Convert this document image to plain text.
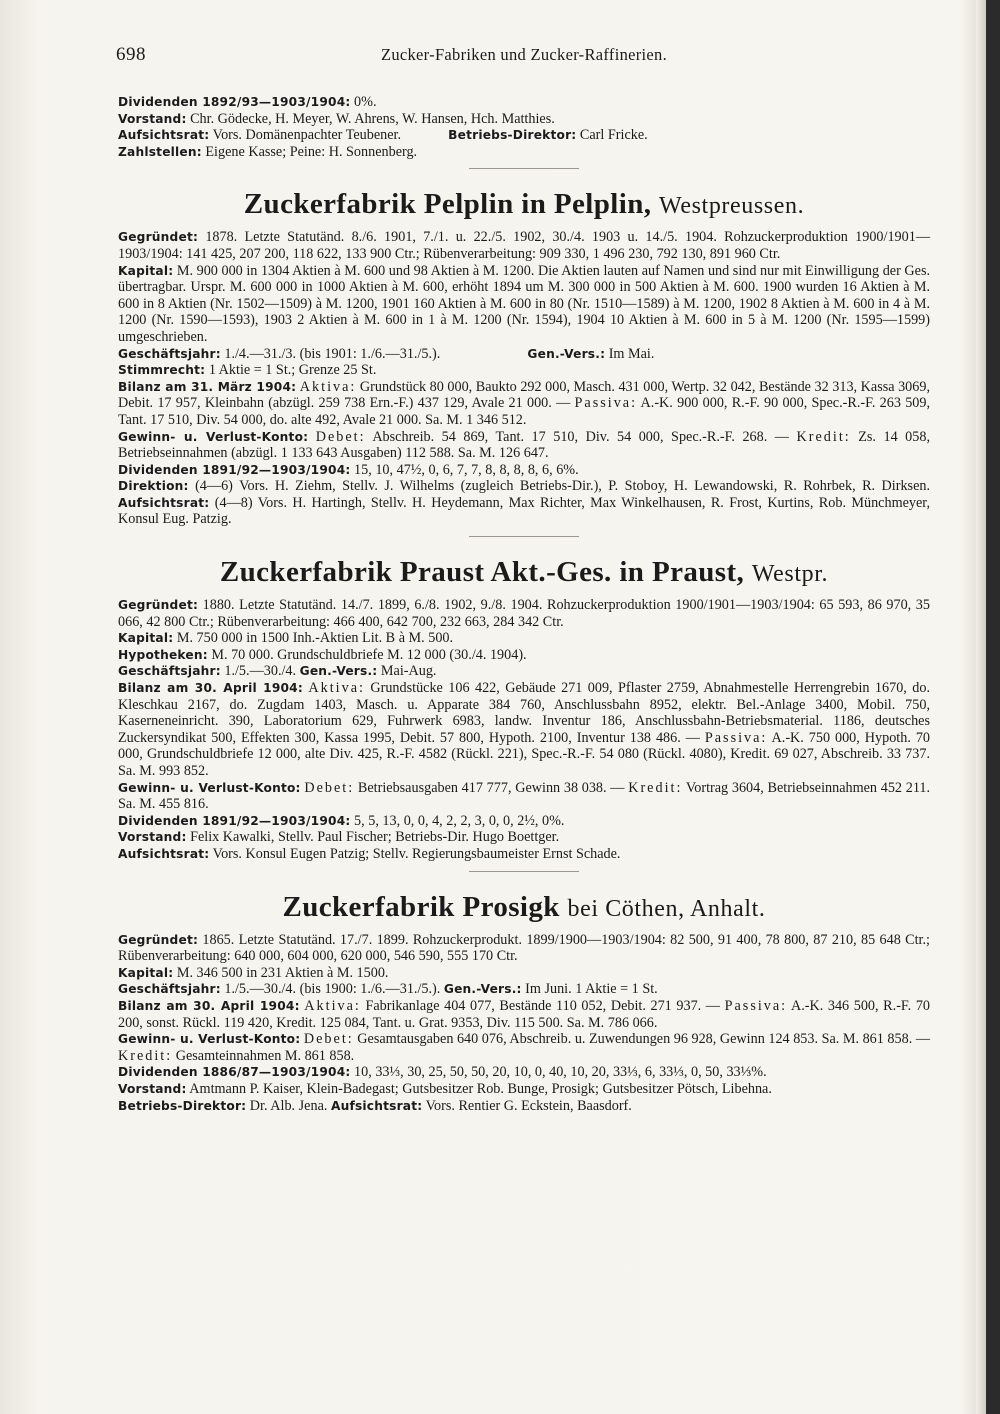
698	Zucker-Fabriken und Zucker-Raffinerien.

Dividenden 1892/93—1903/1904: 0%.

Vorstand: Chr. Gödecke, H. Meyer, W. Ahrens, W. Hansen, Hch. Matthies.

Aufsichtsrat: Vors. Domänenpachter Teubener.	Betriebs-Direktor: Carl Fricke.

Zahlstellen: Eigene Kasse; Peine: H. Sonnenberg.

Zuckerfabrik Pelplin in Pelplin, Westpreussen.

Gegründet: 1878. Letzte Statutänd. 8./6. 1901, 7./1. u. 22./5. 1902, 30./4. 1903 u. 14./5. 1904. Rohzuckerproduktion 1900/1901—1903/1904: 141 425, 207 200, 118 622, 133 900 Ctr.; Rübenverarbeitung: 909 330, 1 496 230, 792 130, 891 960 Ctr.

Kapital: M. 900 000 in 1304 Aktien à M. 600 und 98 Aktien à M. 1200. Die Aktien lauten auf Namen und sind nur mit Einwilligung der Ges. übertragbar. Urspr. M. 600 000 in 1000 Aktien à M. 600, erhöht 1894 um M. 300 000 in 500 Aktien à M. 600. 1900 wurden 16 Aktien à M. 600 in 8 Aktien (Nr. 1502—1509) à M. 1200, 1901 160 Aktien à M. 600 in 80 (Nr. 1510—1589) à M. 1200, 1902 8 Aktien à M. 600 in 4 à M. 1200 (Nr. 1590—1593), 1903 2 Aktien à M. 600 in 1 à M. 1200 (Nr. 1594), 1904 10 Aktien à M. 600 in 5 à M. 1200 (Nr. 1595—1599) umgeschrieben.

Geschäftsjahr: 1./4.—31./3. (bis 1901: 1./6.—31./5.).	Gen.-Vers.: Im Mai.

Stimmrecht: 1 Aktie = 1 St.; Grenze 25 St.

Bilanz am 31. März 1904: Aktiva: Grundstück 80 000, Baukto 292 000, Masch. 431 000, Wertp. 32 042, Bestände 32 313, Kassa 3069, Debit. 17 957, Kleinbahn (abzügl. 259 738 Ern.-F.) 437 129, Avale 21 000. — Passiva: A.-K. 900 000, R.-F. 90 000, Spec.-R.-F. 263 509, Tant. 17 510, Div. 54 000, do. alte 492, Avale 21 000. Sa. M. 1 346 512.

Gewinn- u. Verlust-Konto: Debet: Abschreib. 54 869, Tant. 17 510, Div. 54 000, Spec.-R.-F. 268. — Kredit: Zs. 14 058, Betriebseinnahmen (abzügl. 1 133 643 Ausgaben) 112 588. Sa. M. 126 647.

Dividenden 1891/92—1903/1904: 15, 10, 47½, 0, 6, 7, 7, 8, 8, 8, 8, 6, 6%.

Direktion: (4—6) Vors. H. Ziehm, Stellv. J. Wilhelms (zugleich Betriebs-Dir.), P. Stoboy, H. Lewandowski, R. Rohrbek, R. Dirksen. Aufsichtsrat: (4—8) Vors. H. Hartingh, Stellv. H. Heydemann, Max Richter, Max Winkelhausen, R. Frost, Kurtins, Rob. Münchmeyer, Konsul Eug. Patzig.

Zuckerfabrik Praust Akt.-Ges. in Praust, Westpr.

Gegründet: 1880. Letzte Statutänd. 14./7. 1899, 6./8. 1902, 9./8. 1904. Rohzuckerproduktion 1900/1901—1903/1904: 65 593, 86 970, 35 066, 42 800 Ctr.; Rübenverarbeitung: 466 400, 642 700, 232 663, 284 342 Ctr.

Kapital: M. 750 000 in 1500 Inh.-Aktien Lit. B à M. 500.

Hypotheken: M. 70 000. Grundschuldbriefe M. 12 000 (30./4. 1904).

Geschäftsjahr: 1./5.—30./4. Gen.-Vers.: Mai-Aug.

Bilanz am 30. April 1904: Aktiva: Grundstücke 106 422, Gebäude 271 009, Pflaster 2759, Abnahmestelle Herrengrebin 1670, do. Kleschkau 2167, do. Zugdam 1403, Masch. u. Apparate 384 760, Anschlussbahn 8952, elektr. Bel.-Anlage 3400, Mobil. 750, Kaserneneinricht. 390, Laboratorium 629, Fuhrwerk 6983, landw. Inventur 186, Anschlussbahn-Betriebsmaterial. 1186, deutsches Zuckersyndikat 500, Effekten 300, Kassa 1995, Debit. 57 800, Hypoth. 2100, Inventur 138 486. — Passiva: A.-K. 750 000, Hypoth. 70 000, Grundschuldbriefe 12 000, alte Div. 425, R.-F. 4582 (Rückl. 221), Spec.-R.-F. 54 080 (Rückl. 4080), Kredit. 69 027, Abschreib. 33 737. Sa. M. 993 852.

Gewinn- u. Verlust-Konto: Debet: Betriebsausgaben 417 777, Gewinn 38 038. — Kredit: Vortrag 3604, Betriebseinnahmen 452 211. Sa. M. 455 816.

Dividenden 1891/92—1903/1904: 5, 5, 13, 0, 0, 4, 2, 2, 3, 0, 0, 2½, 0%.

Vorstand: Felix Kawalki, Stellv. Paul Fischer; Betriebs-Dir. Hugo Boettger.

Aufsichtsrat: Vors. Konsul Eugen Patzig; Stellv. Regierungsbaumeister Ernst Schade.

Zuckerfabrik Prosigk bei Cöthen, Anhalt.

Gegründet: 1865. Letzte Statutänd. 17./7. 1899. Rohzuckerprodukt. 1899/1900—1903/1904: 82 500, 91 400, 78 800, 87 210, 85 648 Ctr.; Rübenverarbeitung: 640 000, 604 000, 620 000, 546 590, 555 170 Ctr.

Kapital: M. 346 500 in 231 Aktien à M. 1500.

Geschäftsjahr: 1./5.—30./4. (bis 1900: 1./6.—31./5.). Gen.-Vers.: Im Juni. 1 Aktie = 1 St.

Bilanz am 30. April 1904: Aktiva: Fabrikanlage 404 077, Bestände 110 052, Debit. 271 937. — Passiva: A.-K. 346 500, R.-F. 70 200, sonst. Rückl. 119 420, Kredit. 125 084, Tant. u. Grat. 9353, Div. 115 500. Sa. M. 786 066.

Gewinn- u. Verlust-Konto: Debet: Gesamtausgaben 640 076, Abschreib. u. Zuwendungen 96 928, Gewinn 124 853. Sa. M. 861 858. — Kredit: Gesamteinnahmen M. 861 858.

Dividenden 1886/87—1903/1904: 10, 33⅓, 30, 25, 50, 50, 20, 10, 0, 40, 10, 20, 33⅓, 6, 33⅓, 0, 50, 33⅓%.

Vorstand: Amtmann P. Kaiser, Klein-Badegast; Gutsbesitzer Rob. Bunge, Prosigk; Gutsbesitzer Pötsch, Libehna.

Betriebs-Direktor: Dr. Alb. Jena. Aufsichtsrat: Vors. Rentier G. Eckstein, Baasdorf.
